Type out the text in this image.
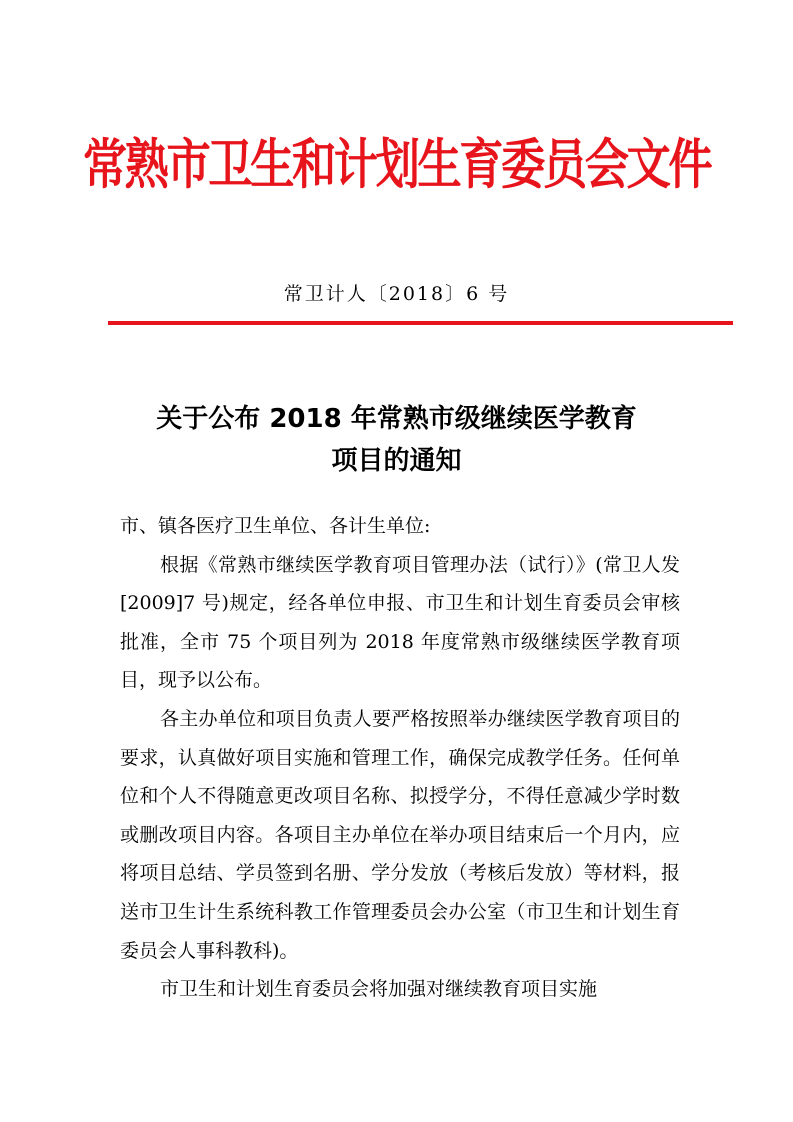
常熟市卫生和计划生育委员会文件
常卫计人〔2018〕6 号
关于公布 2018 年常熟市级继续医学教育
项目的通知

市、镇各医疗卫生单位、各计生单位:

根据《常熟市继续医学教育项目管理办法（试行）》(常卫人发[2009]7 号)规定，经各单位申报、市卫生和计划生育委员会审核批准，全市 75 个项目列为 2018 年度常熟市级继续医学教育项目，现予以公布。

各主办单位和项目负责人要严格按照举办继续医学教育项目的要求，认真做好项目实施和管理工作，确保完成教学任务。任何单位和个人不得随意更改项目名称、拟授学分，不得任意减少学时数或删改项目内容。各项目主办单位在举办项目结束后一个月内，应将项目总结、学员签到名册、学分发放（考核后发放）等材料，报送市卫生计生系统科教工作管理委员会办公室（市卫生和计划生育委员会人事科教科)。

市卫生和计划生育委员会将加强对继续教育项目实施
